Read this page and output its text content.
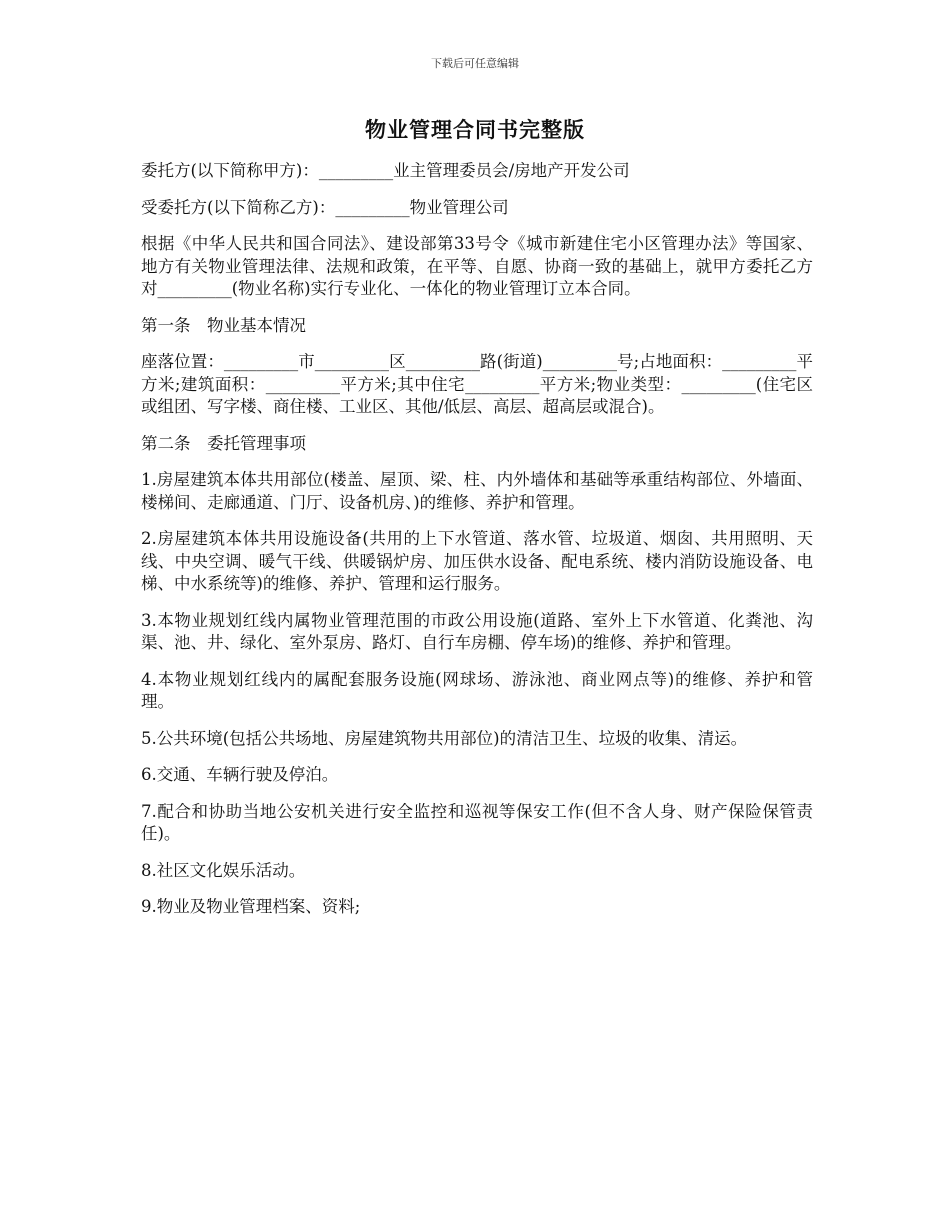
下载后可任意编辑
物业管理合同书完整版

委托方(以下简称甲方)：_________业主管理委员会/房地产开发公司

受委托方(以下简称乙方)：_________物业管理公司

根据《中华人民共和国合同法》、建设部第33号令《城市新建住宅小区管理办法》等国家、地方有关物业管理法律、法规和政策，在平等、自愿、协商一致的基础上，就甲方委托乙方对_________(物业名称)实行专业化、一体化的物业管理订立本合同。

第一条　物业基本情况

座落位置：_________市_________区_________路(街道)_________号;占地面积：_________平方米;建筑面积：_________平方米;其中住宅_________平方米;物业类型：_________(住宅区或组团、写字楼、商住楼、工业区、其他/低层、高层、超高层或混合)。

第二条　委托管理事项

1.房屋建筑本体共用部位(楼盖、屋顶、梁、柱、内外墙体和基础等承重结构部位、外墙面、楼梯间、走廊通道、门厅、设备机房、)的维修、养护和管理。

2.房屋建筑本体共用设施设备(共用的上下水管道、落水管、垃圾道、烟囱、共用照明、天线、中央空调、暖气干线、供暖锅炉房、加压供水设备、配电系统、楼内消防设施设备、电梯、中水系统等)的维修、养护、管理和运行服务。

3.本物业规划红线内属物业管理范围的市政公用设施(道路、室外上下水管道、化粪池、沟渠、池、井、绿化、室外泵房、路灯、自行车房棚、停车场)的维修、养护和管理。

4.本物业规划红线内的属配套服务设施(网球场、游泳池、商业网点等)的维修、养护和管理。

5.公共环境(包括公共场地、房屋建筑物共用部位)的清洁卫生、垃圾的收集、清运。

6.交通、车辆行驶及停泊。

7.配合和协助当地公安机关进行安全监控和巡视等保安工作(但不含人身、财产保险保管责任)。

8.社区文化娱乐活动。

9.物业及物业管理档案、资料;
